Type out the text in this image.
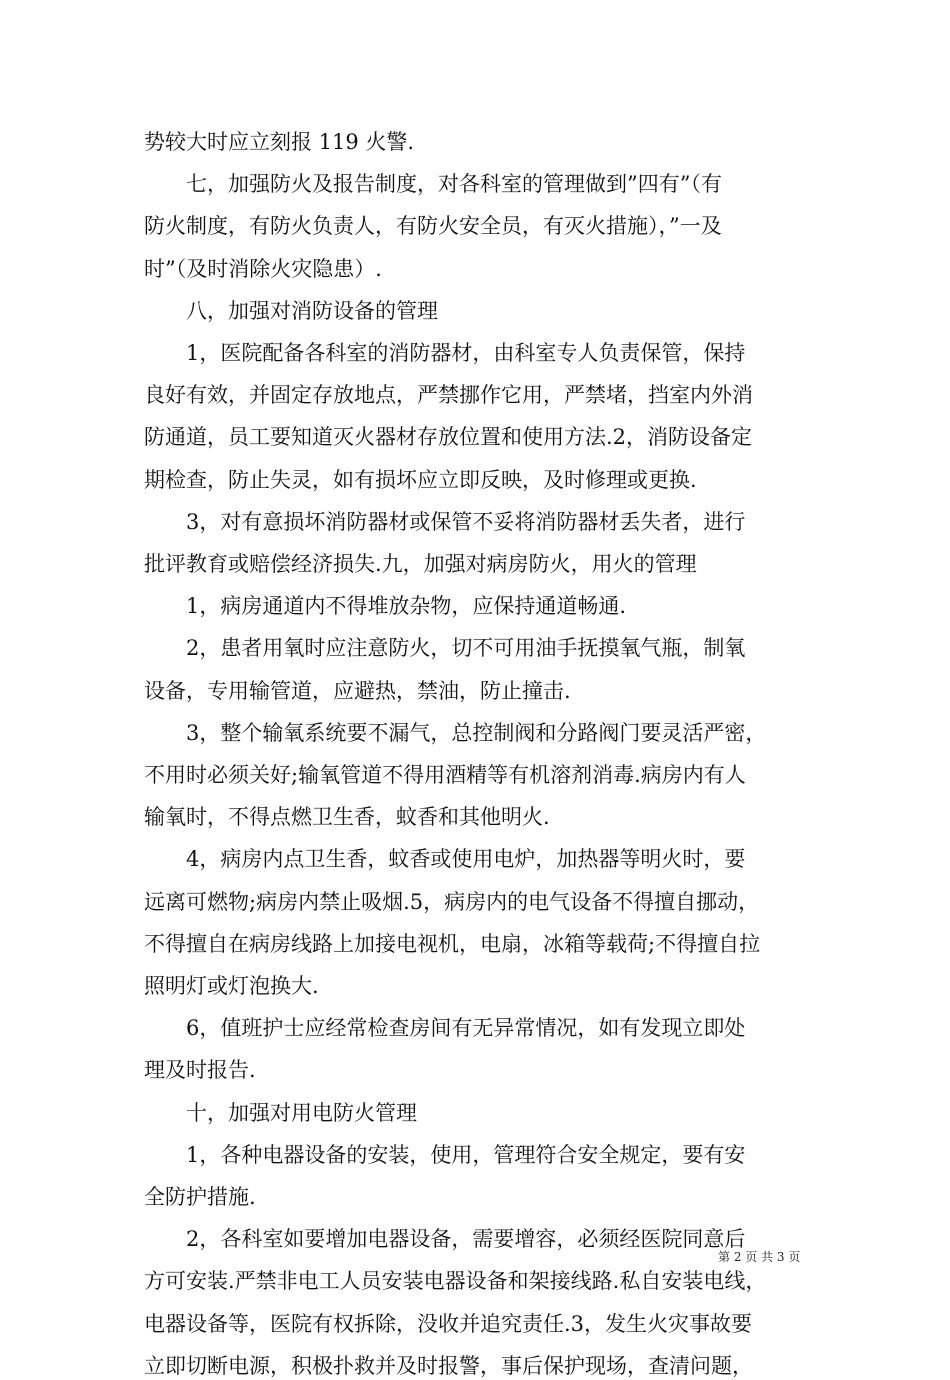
势较大时应立刻报 119 火警.
　　七，加强防火及报告制度，对各科室的管理做到”四有”（有
防火制度，有防火负责人，有防火安全员，有灭火措施），”一及
时”（及时消除火灾隐患）.
　　八，加强对消防设备的管理
　　1，医院配备各科室的消防器材，由科室专人负责保管，保持
良好有效，并固定存放地点，严禁挪作它用，严禁堵，挡室内外消
防通道，员工要知道灭火器材存放位置和使用方法.2，消防设备定
期检查，防止失灵，如有损坏应立即反映，及时修理或更换.
　　3，对有意损坏消防器材或保管不妥将消防器材丢失者，进行
批评教育或赔偿经济损失.九，加强对病房防火，用火的管理
　　1，病房通道内不得堆放杂物，应保持通道畅通.
　　2，患者用氧时应注意防火，切不可用油手抚摸氧气瓶，制氧
设备，专用输管道，应避热，禁油，防止撞击.
　　3，整个输氧系统要不漏气，总控制阀和分路阀门要灵活严密，
不用时必须关好;输氧管道不得用酒精等有机溶剂消毒.病房内有人
输氧时，不得点燃卫生香，蚊香和其他明火.
　　4，病房内点卫生香，蚊香或使用电炉，加热器等明火时，要
远离可燃物;病房内禁止吸烟.5，病房内的电气设备不得擅自挪动，
不得擅自在病房线路上加接电视机，电扇，冰箱等载荷;不得擅自拉
照明灯或灯泡换大.
　　6，值班护士应经常检查房间有无异常情况，如有发现立即处
理及时报告.
　　十，加强对用电防火管理
　　1，各种电器设备的安装，使用，管理符合安全规定，要有安
全防护措施.
　　2，各科室如要增加电器设备，需要增容，必须经医院同意后
方可安装.严禁非电工人员安装电器设备和架接线路.私自安装电线，
电器设备等，医院有权拆除，没收并追究责任.3，发生火灾事故要
立即切断电源，积极扑救并及时报警，事后保护现场，查清问题，
第 2 页 共 3 页
